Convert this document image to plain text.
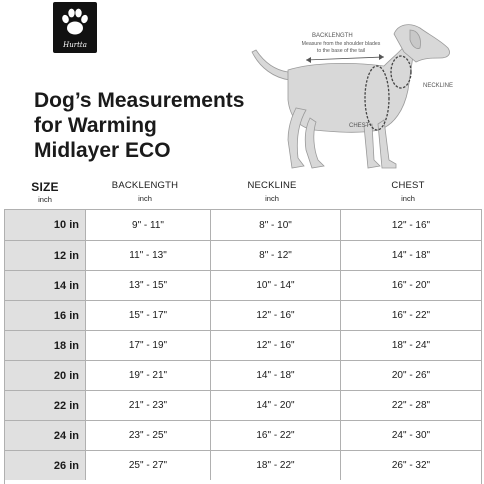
Hurtta
Dog’s Measurements
for Warming
Midlayer ECO
BACKLENGTH
Measure from the shoulder blades
to the base of the tail
NECKLINE
CHEST
SIZE
inch
BACKLENGTH
inch
NECKLINE
inch
CHEST
inch
10 in	9" - 11"	8" - 10"	12" - 16"
12 in	11" - 13"	8" - 12"	14" - 18"
14 in	13" - 15"	10" - 14"	16" - 20"
16 in	15" - 17"	12" - 16"	16" - 22"
18 in	17" - 19"	12" - 16"	18" - 24"
20 in	19" - 21"	14" - 18"	20" - 26"
22 in	21" - 23"	14" - 20"	22" - 28"
24 in	23" - 25"	16" - 22"	24" - 30"
26 in	25" - 27"	18" - 22"	26" - 32"
